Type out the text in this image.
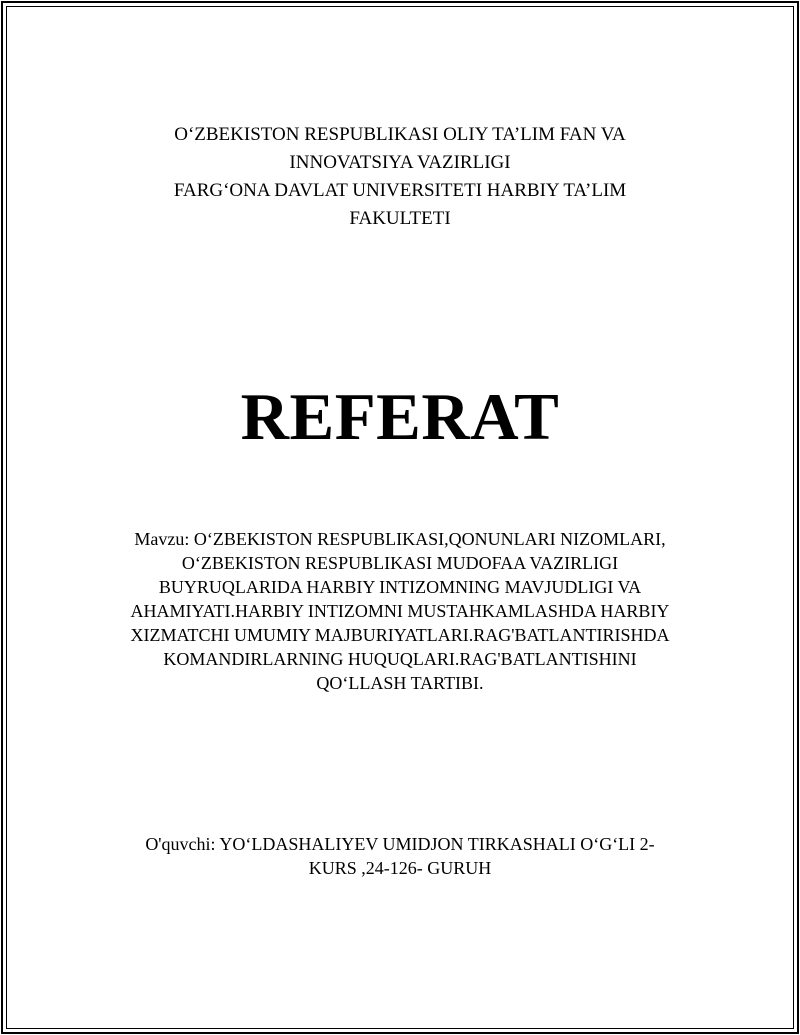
O‘ZBEKISTON RESPUBLIKASI OLIY TA’LIM FAN VA
INNOVATSIYA VAZIRLIGI
FARG‘ONA DAVLAT UNIVERSITETI HARBIY TA’LIM
FAKULTETI
REFERAT
Mavzu: O‘ZBEKISTON RESPUBLIKASI,QONUNLARI NIZOMLARI,
O‘ZBEKISTON RESPUBLIKASI MUDOFAA VAZIRLIGI
BUYRUQLARIDA HARBIY INTIZOMNING MAVJUDLIGI VA
AHAMIYATI.HARBIY INTIZOMNI MUSTAHKAMLASHDA HARBIY
XIZMATCHI UMUMIY MAJBURIYATLARI.RAG'BATLANTIRISHDA
KOMANDIRLARNING HUQUQLARI.RAG'BATLANTISHINI
QO‘LLASH TARTIBI.
O'quvchi: YO‘LDASHALIYEV UMIDJON TIRKASHALI O‘G‘LI 2-
KURS ,24-126- GURUH
